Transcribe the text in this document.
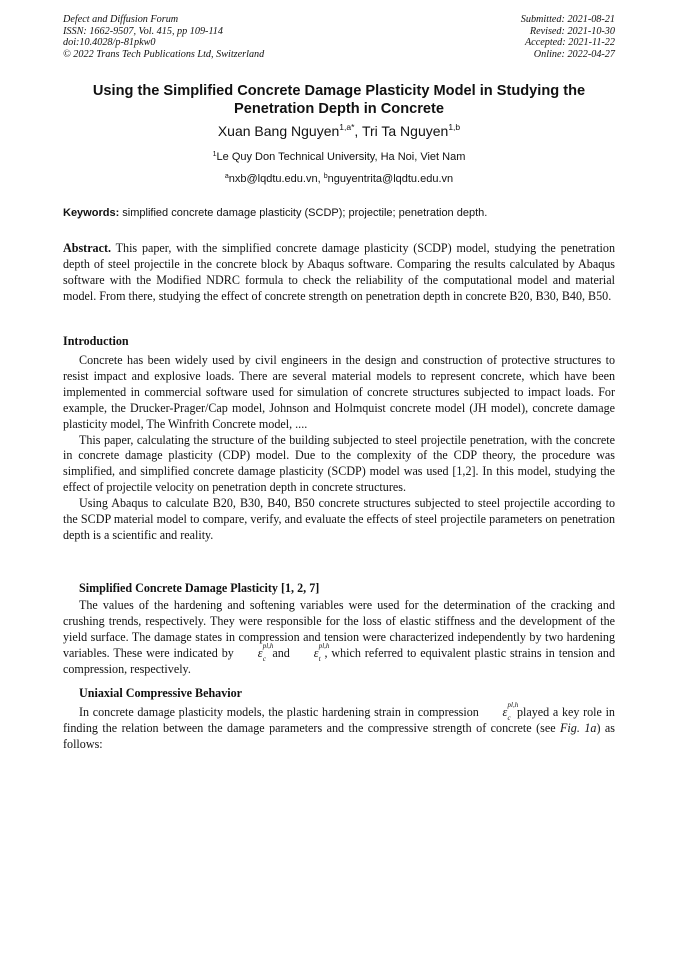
Defect and Diffusion Forum
ISSN: 1662-9507, Vol. 415, pp 109-114
doi:10.4028/p-81pkw0
© 2022 Trans Tech Publications Ltd, Switzerland
Submitted: 2021-08-21
Revised: 2021-10-30
Accepted: 2021-11-22
Online: 2022-04-27
Using the Simplified Concrete Damage Plasticity Model in Studying the
Penetration Depth in Concrete
Xuan Bang Nguyen$^{1,a*}$, Tri Ta Nguyen$^{1,b}$
$^1$Le Quy Don Technical University, Ha Noi, Viet Nam
$^a$nxb@lqdtu.edu.vn, $^b$nguyentrita@lqdtu.edu.vn
Keywords: simplified concrete damage plasticity (SCDP); projectile; penetration depth.

Abstract. This paper, with the simplified concrete damage plasticity (SCDP) model, studying the penetration depth of steel projectile in the concrete block by Abaqus software. Comparing the results calculated by Abaqus software with the Modified NDRC formula to check the reliability of the computational model and material model. From there, studying the effect of concrete strength on penetration depth in concrete B20, B30, B40, B50.

Introduction

Concrete has been widely used by civil engineers in the design and construction of protective structures to resist impact and explosive loads. There are several material models to represent concrete, which have been implemented in commercial software used for simulation of concrete structures subjected to impact loads. For example, the Drucker-Prager/Cap model, Johnson and Holmquist concrete model (JH model), concrete damage plasticity model, The Winfrith Concrete model, ....

This paper, calculating the structure of the building subjected to steel projectile penetration, with the concrete in concrete damage plasticity (CDP) model. Due to the complexity of the CDP theory, the procedure was simplified, and simplified concrete damage plasticity (SCDP) model was used [1,2]. In this model, studying the effect of projectile velocity on penetration depth in concrete structures.

Using Abaqus to calculate B20, B30, B40, B50 concrete structures subjected to steel projectile according to the SCDP material model to compare, verify, and evaluate the effects of steel projectile parameters on penetration depth is a scientific and reality.

Simplified Concrete Damage Plasticity [1, 2, 7]

The values of the hardening and softening variables were used for the determination of the cracking and crushing trends, respectively. They were responsible for the loss of elastic stiffness and the development of the yield surface. The damage states in compression and tension were characterized independently by two hardening variables. These were indicated by ε pl,h
c and ε pl,h
t , which referred to equivalent plastic strains in tension and compression, respectively.

Uniaxial Compressive Behavior

In concrete damage plasticity models, the plastic hardening strain in compression ε pl,h
c played a key role in finding the relation between the damage parameters and the compressive strength of concrete (see Fig. 1a) as follows:
